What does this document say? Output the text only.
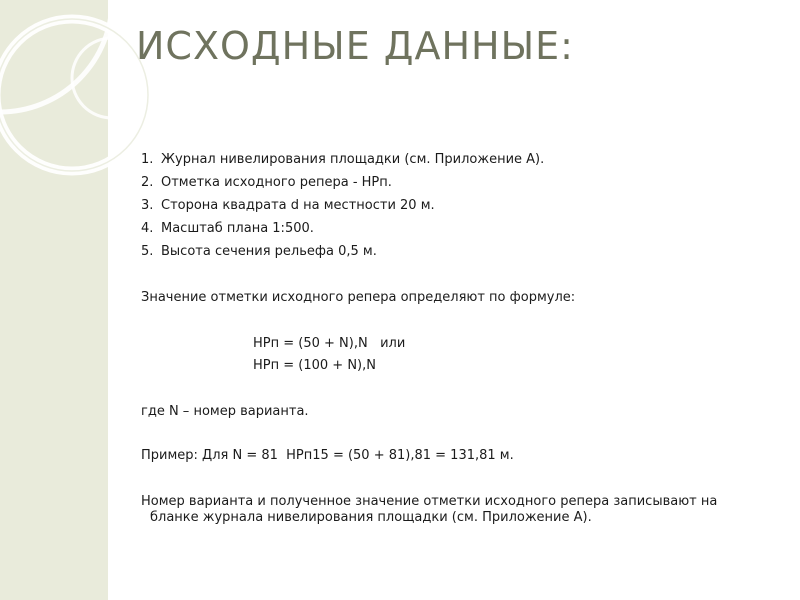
ИСХОДНЫЕ ДАННЫЕ:
1. Журнал нивелирования площадки (см. Приложение А).
2. Отметка исходного репера - НРп.
3. Сторона квадрата d на местности 20 м.
4. Масштаб плана 1:500.
5. Высота сечения рельефа 0,5 м.
Значение отметки исходного репера определяют по формуле:
НРп = (50 + N),N   или
НРп = (100 + N),N
где N – номер варианта.
Пример: Для N = 81  НРп15 = (50 + 81),81 = 131,81 м.
Номер варианта и полученное значение отметки исходного репера записывают на
бланке журнала нивелирования площадки (см. Приложение А).
